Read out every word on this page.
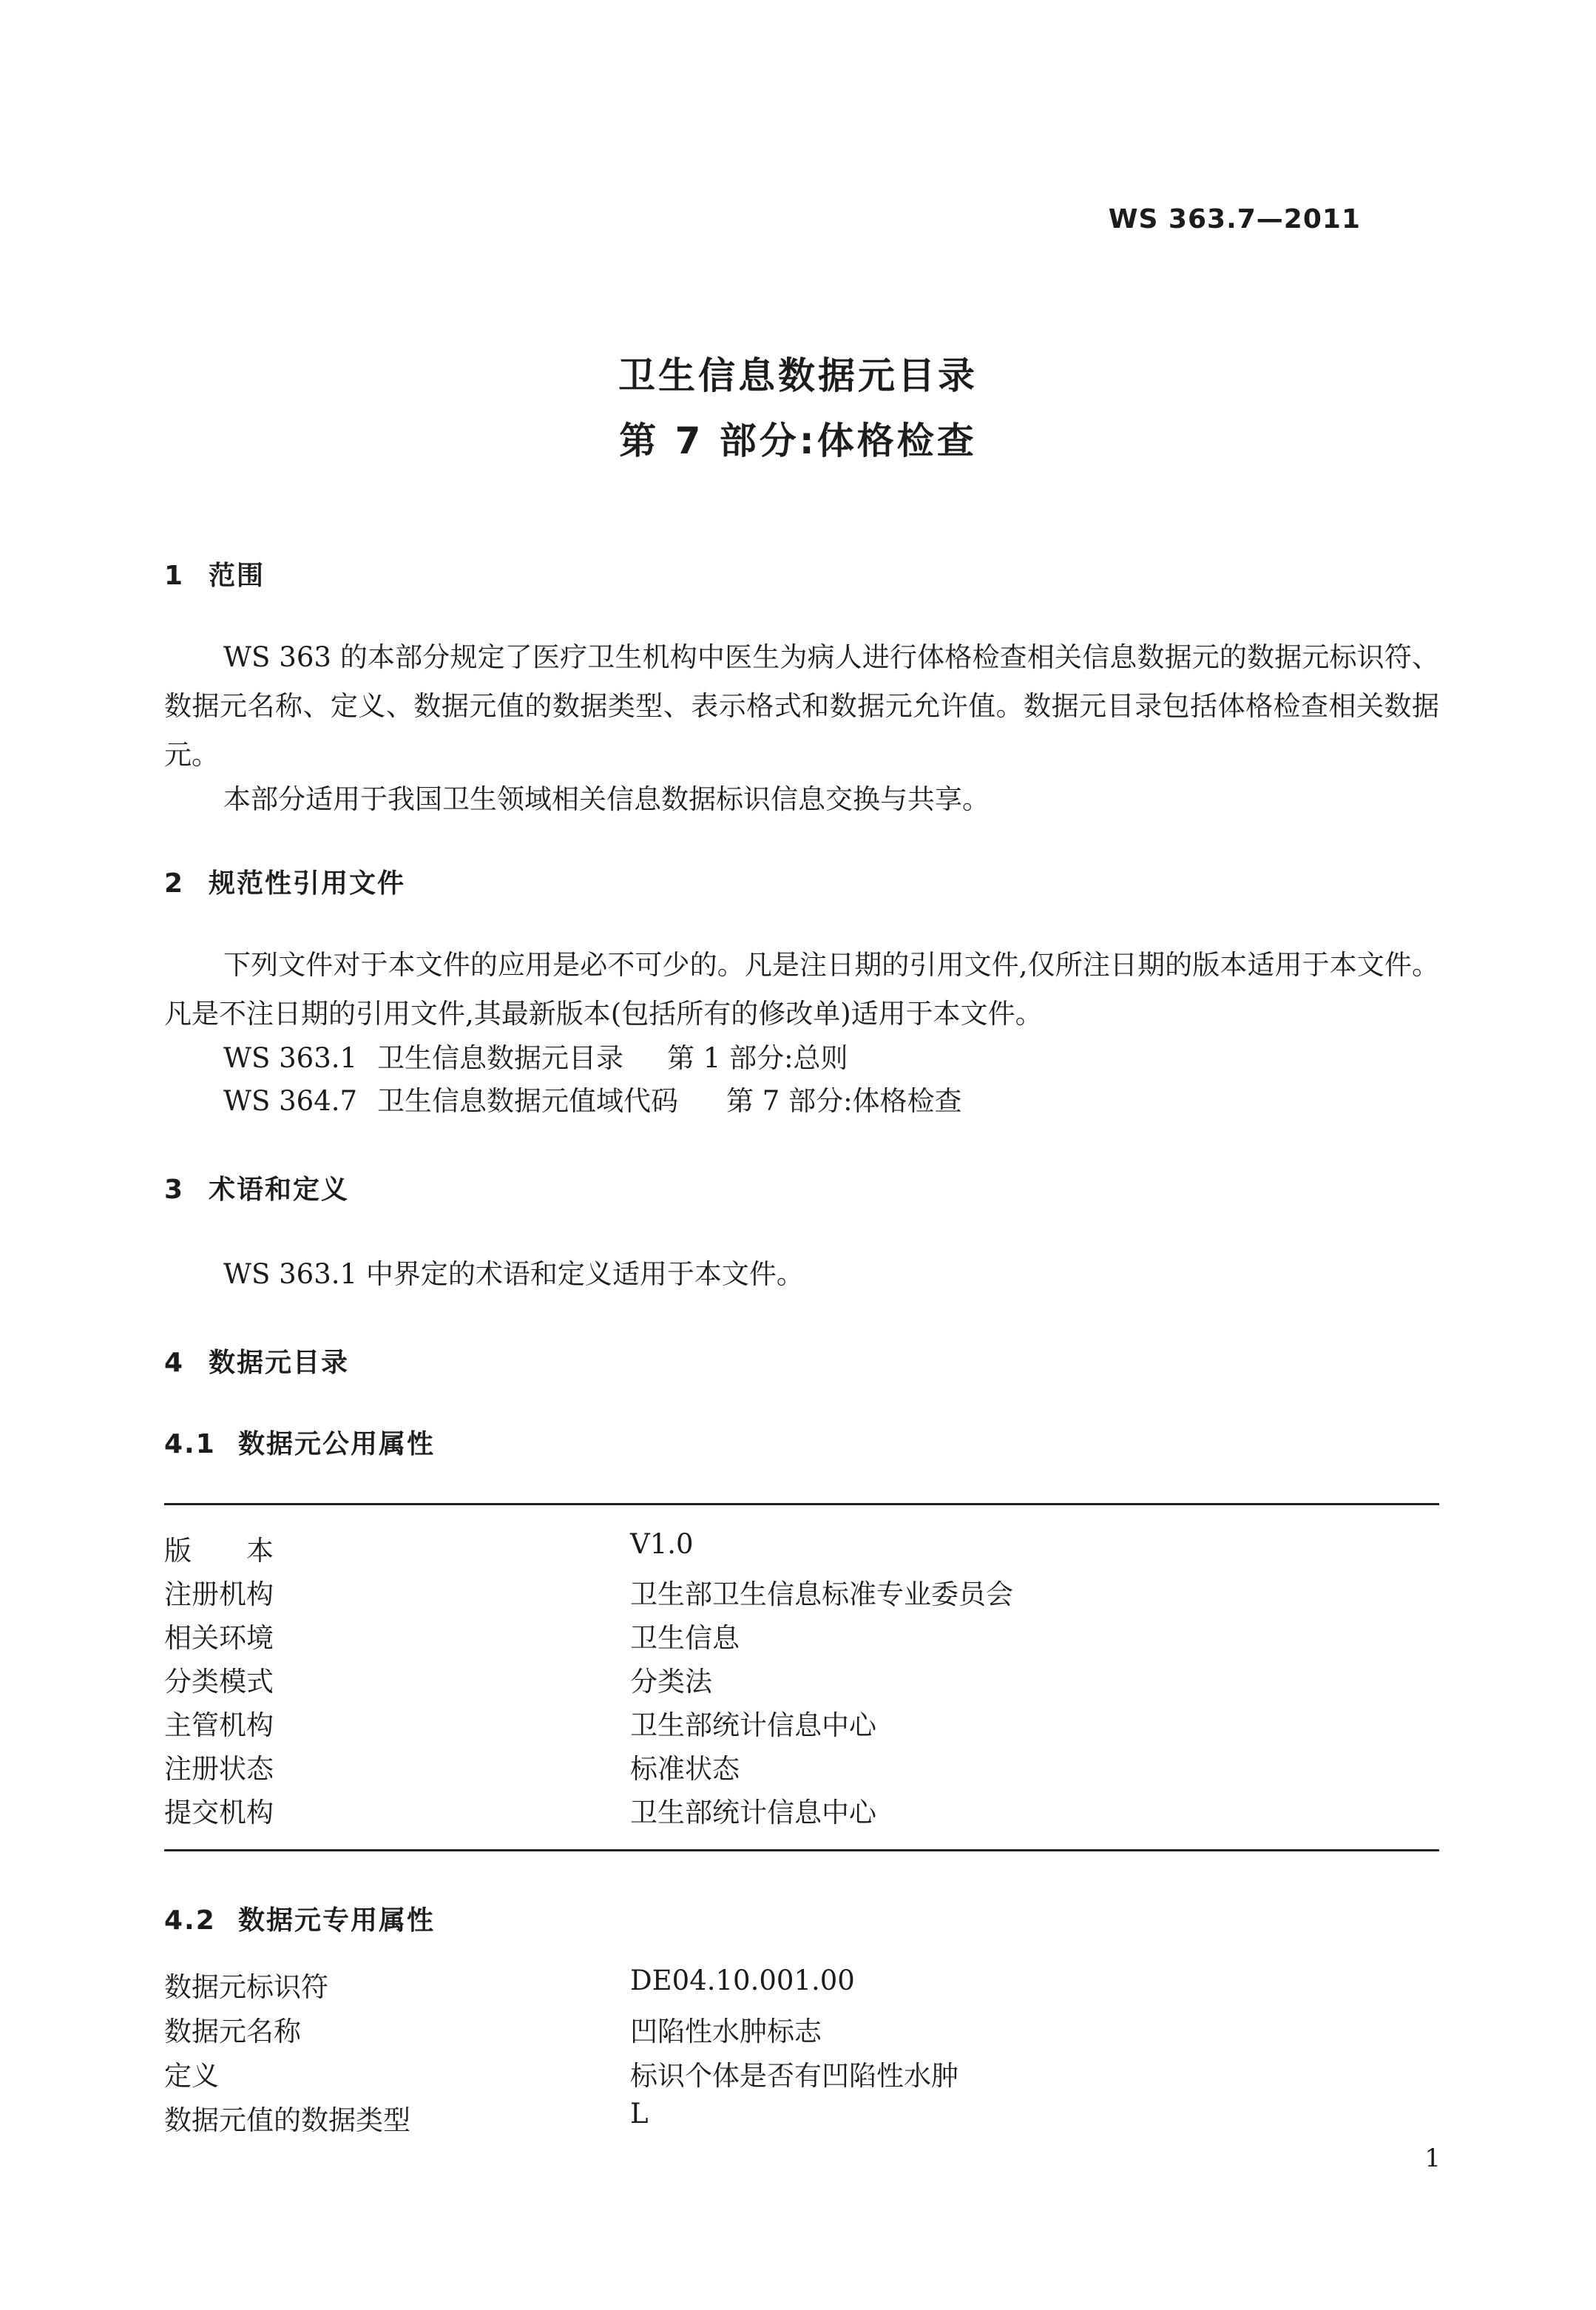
WS 363.7—2011
卫生信息数据元目录
第 7 部分:体格检查
1 范围
WS 363 的本部分规定了医疗卫生机构中医生为病人进行体格检查相关信息数据元的数据元标识符、数据元名称、定义、数据元值的数据类型、表示格式和数据元允许值。数据元目录包括体格检查相关数据元。
本部分适用于我国卫生领域相关信息数据标识信息交换与共享。
2 规范性引用文件
下列文件对于本文件的应用是必不可少的。凡是注日期的引用文件,仅所注日期的版本适用于本文件。凡是不注日期的引用文件,其最新版本(包括所有的修改单)适用于本文件。
WS 363.1 卫生信息数据元目录 第 1 部分:总则
WS 364.7 卫生信息数据元值域代码 第 7 部分:体格检查
3 术语和定义
WS 363.1 中界定的术语和定义适用于本文件。
4 数据元目录
4.1 数据元公用属性
版　　本	V1.0
注册机构	卫生部卫生信息标准专业委员会
相关环境	卫生信息
分类模式	分类法
主管机构	卫生部统计信息中心
注册状态	标准状态
提交机构	卫生部统计信息中心
4.2 数据元专用属性
数据元标识符	DE04.10.001.00
数据元名称	凹陷性水肿标志
定义	标识个体是否有凹陷性水肿
数据元值的数据类型	L
1
